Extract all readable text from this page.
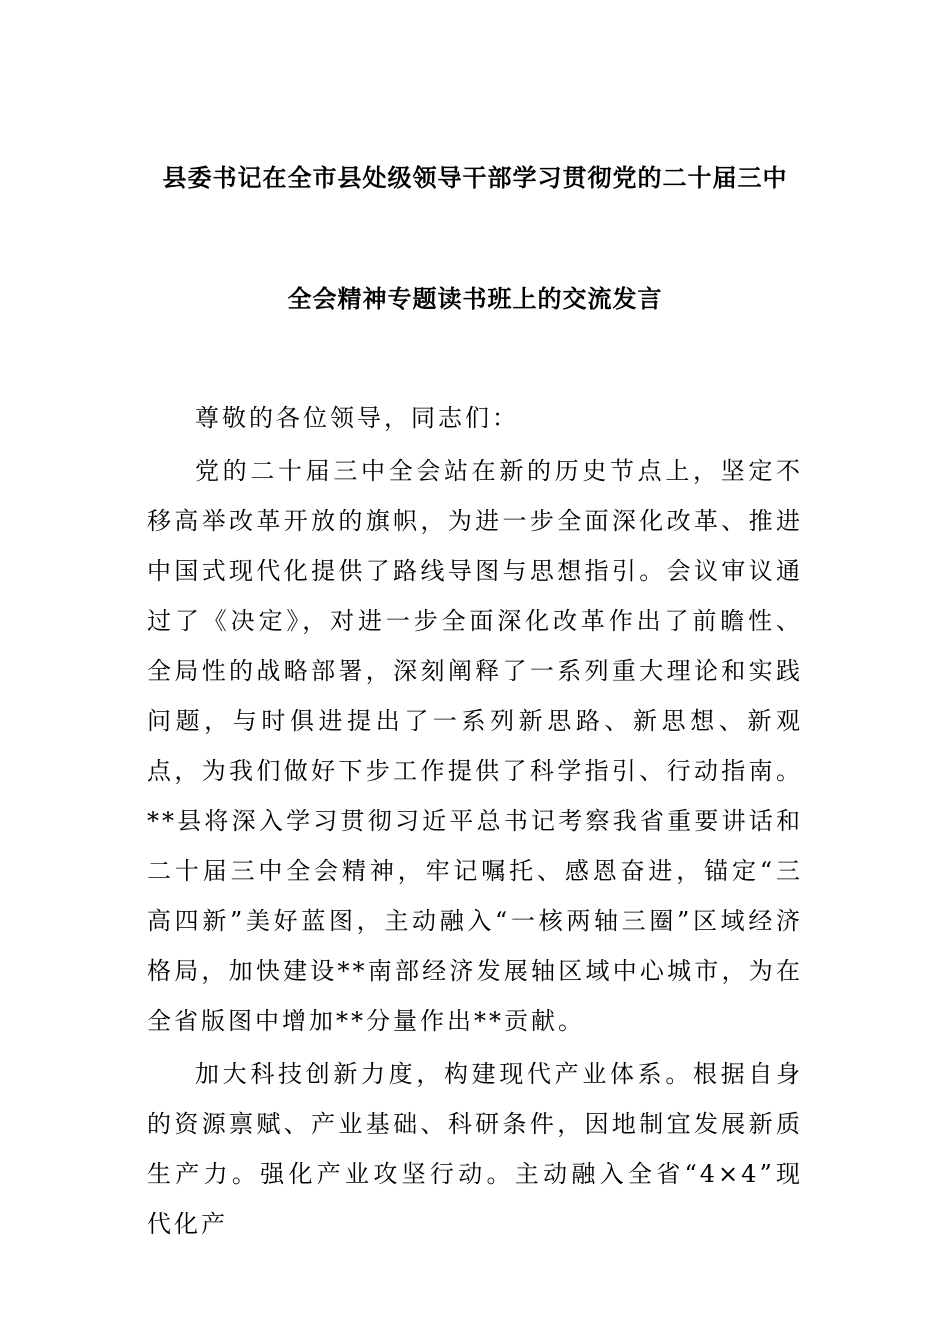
县委书记在全市县处级领导干部学习贯彻党的二十届三中
全会精神专题读书班上的交流发言

尊敬的各位领导，同志们：

党的二十届三中全会站在新的历史节点上，坚定不移高举改革开放的旗帜，为进一步全面深化改革、推进中国式现代化提供了路线导图与思想指引。会议审议通过了《决定》，对进一步全面深化改革作出了前瞻性、全局性的战略部署，深刻阐释了一系列重大理论和实践问题，与时俱进提出了一系列新思路、新思想、新观点，为我们做好下步工作提供了科学指引、行动指南。**县将深入学习贯彻习近平总书记考察我省重要讲话和二十届三中全会精神，牢记嘱托、感恩奋进，锚定“三高四新”美好蓝图，主动融入“一核两轴三圈”区域经济格局，加快建设**南部经济发展轴区域中心城市，为在全省版图中增加**分量作出**贡献。

加大科技创新力度，构建现代产业体系。根据自身的资源禀赋、产业基础、科研条件，因地制宜发展新质生产力。强化产业攻坚行动。主动融入全省“4×4”现代化产
